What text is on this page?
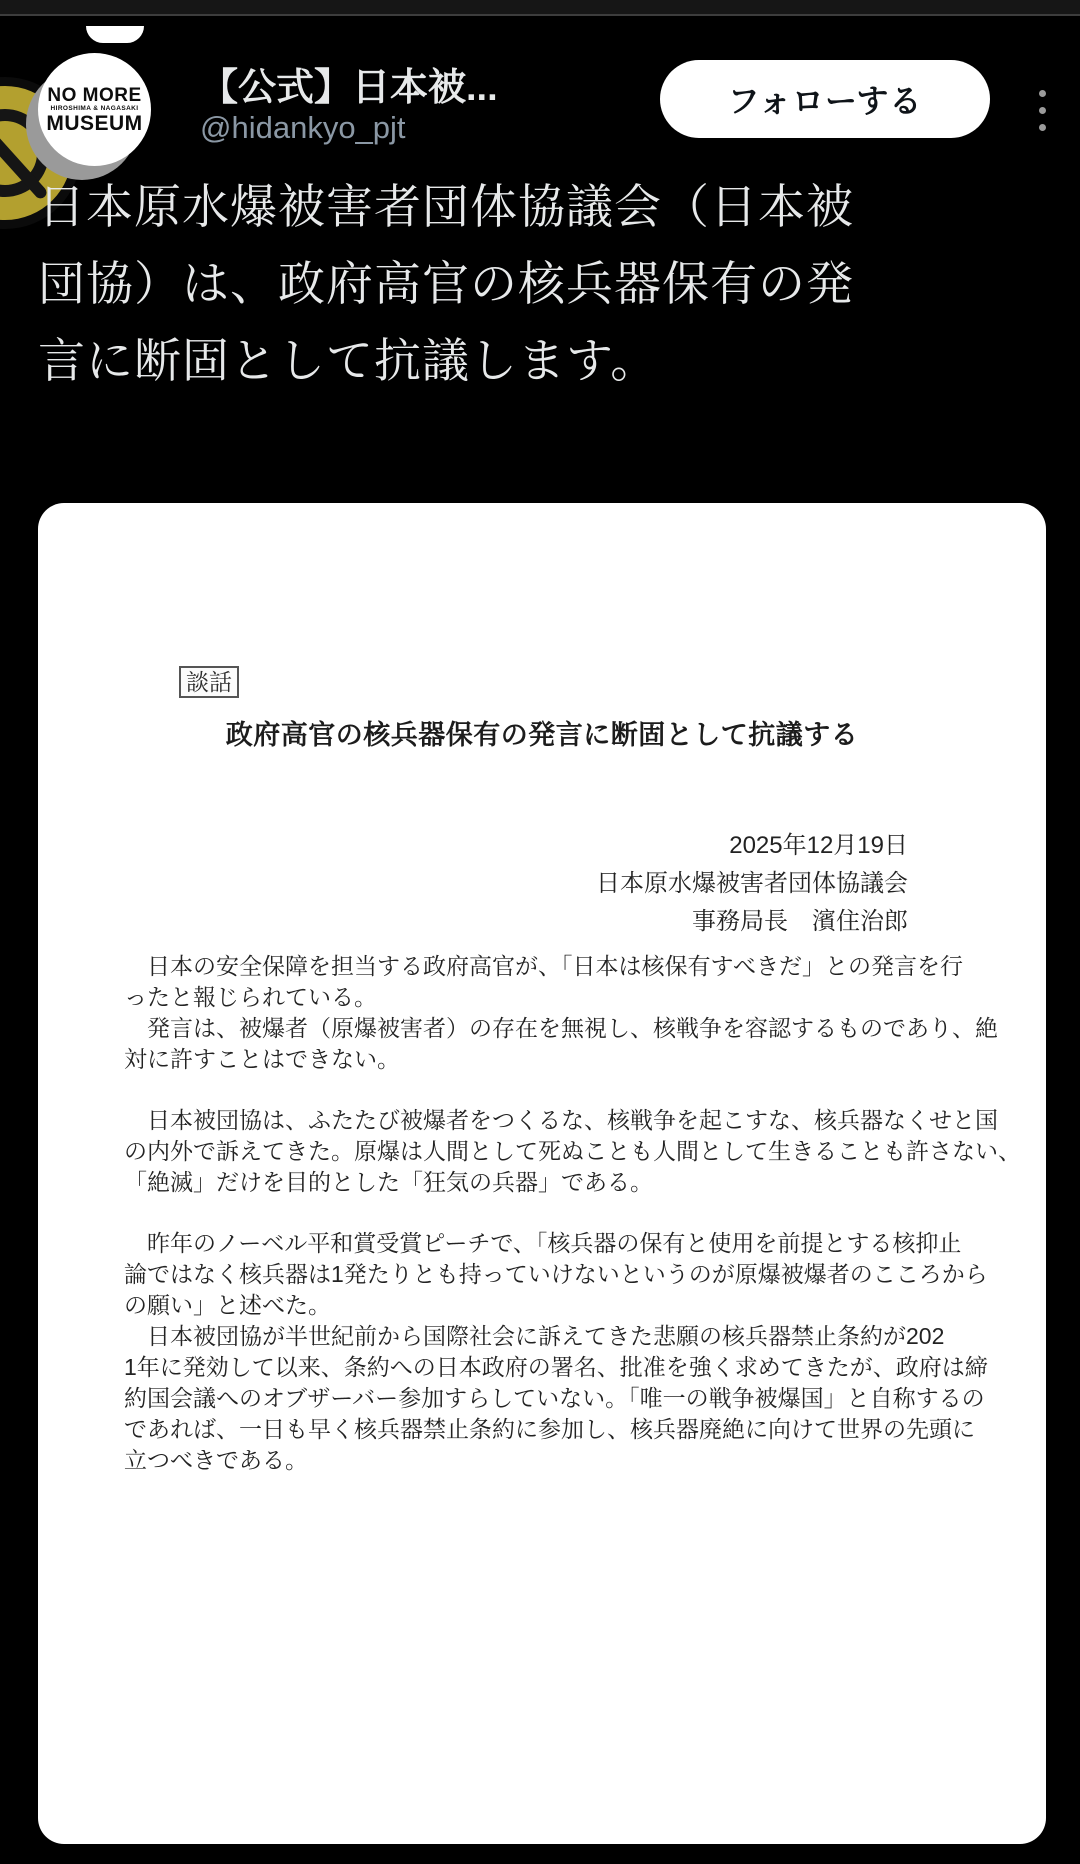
NO MORE
HIROSHIMA & NAGASAKI
MUSEUM
【公式】日本被...
@hidankyo_pjt
フォローする
日本原水爆被害者団体協議会（日本被
団協）は、政府高官の核兵器保有の発
言に断固として抗議します。
談話
政府高官の核兵器保有の発言に断固として抗議する
2025年12月19日
日本原水爆被害者団体協議会
事務局長　濱住治郎
　日本の安全保障を担当する政府高官が、「日本は核保有すべきだ」との発言を行
ったと報じられている。
　発言は、被爆者（原爆被害者）の存在を無視し、核戦争を容認するものであり、絶
対に許すことはできない。
　日本被団協は、ふたたび被爆者をつくるな、核戦争を起こすな、核兵器なくせと国
の内外で訴えてきた。原爆は人間として死ぬことも人間として生きることも許さない、
「絶滅」だけを目的とした「狂気の兵器」である。
　昨年のノーベル平和賞受賞ピーチで、「核兵器の保有と使用を前提とする核抑止
論ではなく核兵器は1発たりとも持っていけないというのが原爆被爆者のこころから
の願い」と述べた。
　日本被団協が半世紀前から国際社会に訴えてきた悲願の核兵器禁止条約が202
1年に発効して以来、条約への日本政府の署名、批准を強く求めてきたが、政府は締
約国会議へのオブザーバー参加すらしていない。「唯一の戦争被爆国」と自称するの
であれば、一日も早く核兵器禁止条約に参加し、核兵器廃絶に向けて世界の先頭に
立つべきである。
